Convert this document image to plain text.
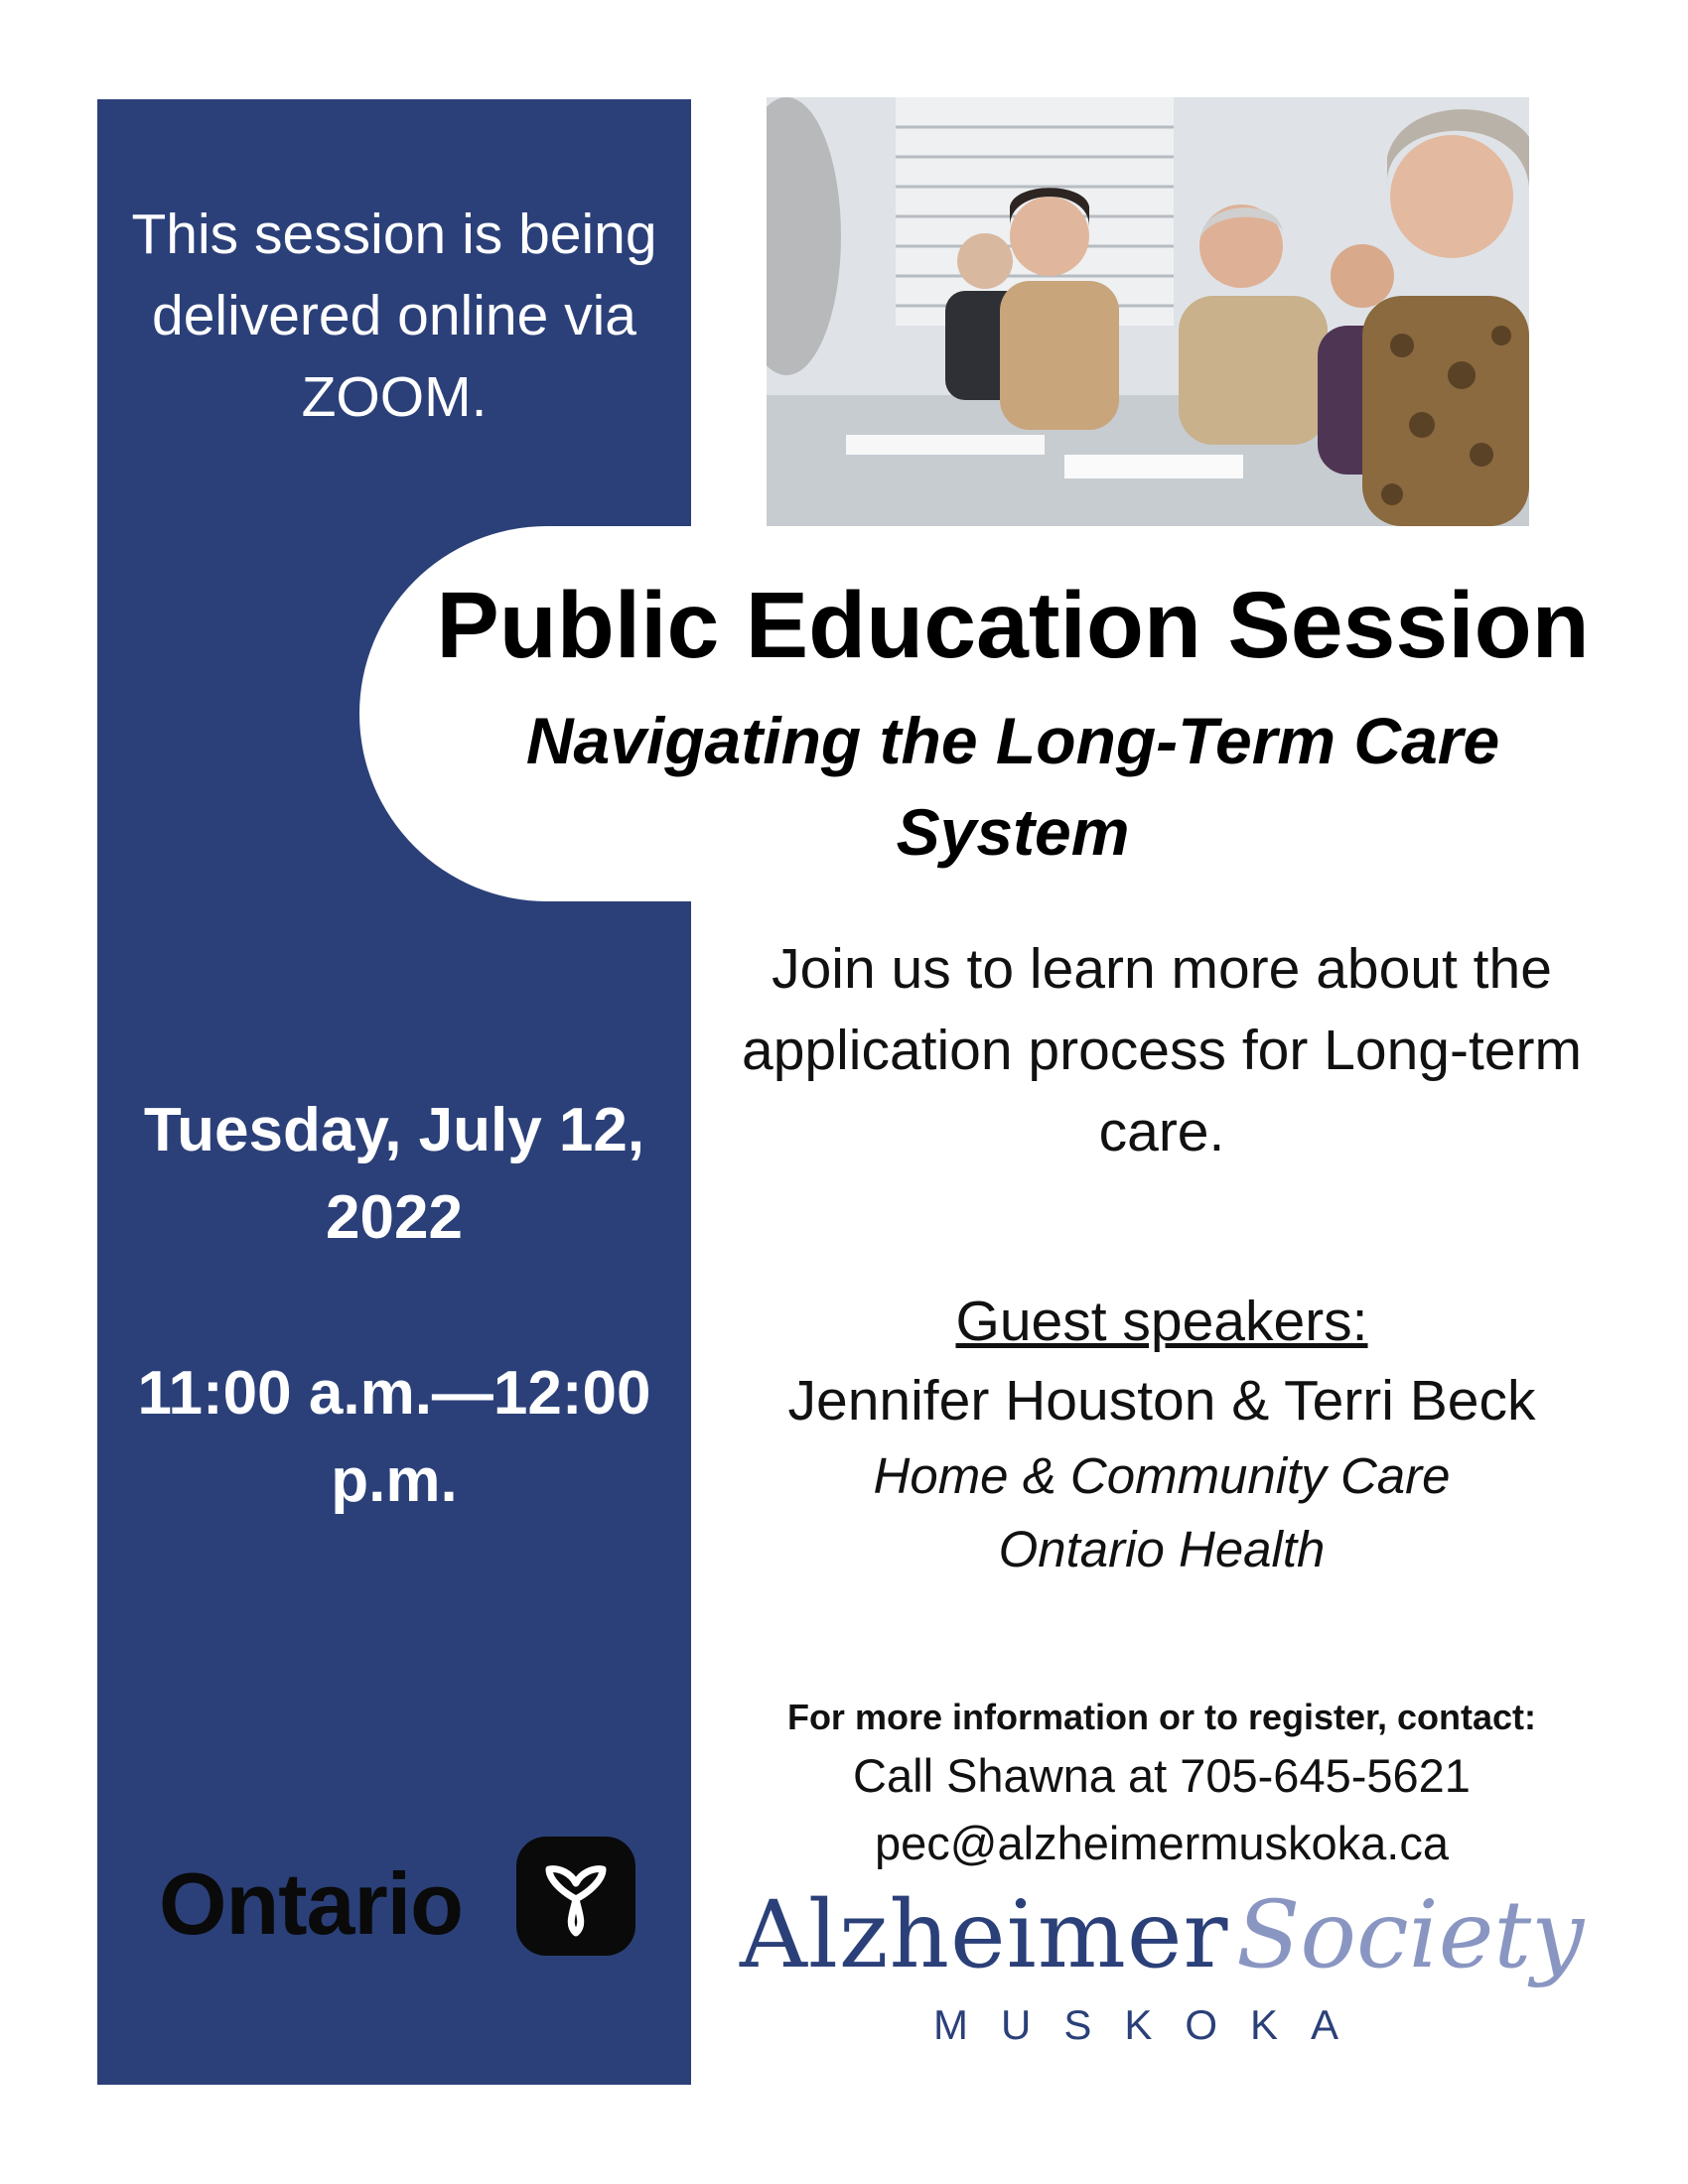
This session is being delivered online via ZOOM.
Tuesday, July 12, 2022
11:00 a.m.—12:00 p.m.
Ontario
Public Education Session
Navigating the Long-Term Care System
Join us to learn more about the application process for Long-term care.
Guest speakers:
Jennifer Houston & Terri Beck
Home & Community Care
Ontario Health
For more information or to register, contact:
Call Shawna at 705-645-5621
pec@alzheimermuskoka.ca
Alzheimer Society
MUSKOKA
